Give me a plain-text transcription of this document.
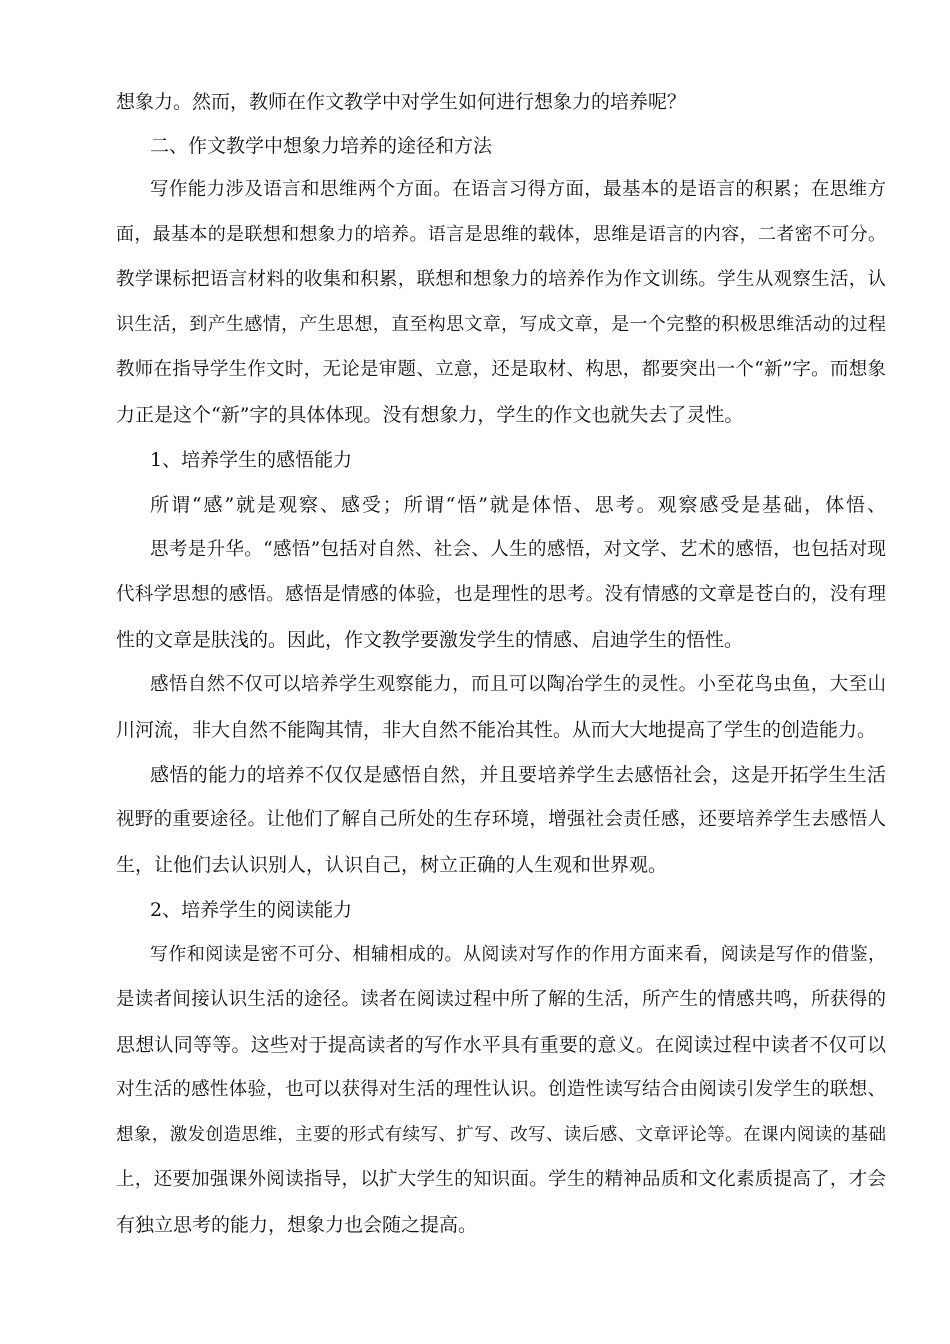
想象力。然而，教师在作文教学中对学生如何进行想象力的培养呢？
二、作文教学中想象力培养的途径和方法
写作能力涉及语言和思维两个方面。在语言习得方面，最基本的是语言的积累；在思维方
面，最基本的是联想和想象力的培养。语言是思维的载体，思维是语言的内容，二者密不可分。
教学课标把语言材料的收集和积累，联想和想象力的培养作为作文训练。学生从观察生活，认
识生活，到产生感情，产生思想，直至构思文章，写成文章，是一个完整的积极思维活动的过程
教师在指导学生作文时，无论是审题、立意，还是取材、构思，都要突出一个“新”字。而想象
力正是这个“新”字的具体体现。没有想象力，学生的作文也就失去了灵性。
1、培养学生的感悟能力
所谓“感”就是观察、感受；所谓“悟”就是体悟、思考。观察感受是基础，体悟、
思考是升华。“感悟”包括对自然、社会、人生的感悟，对文学、艺术的感悟，也包括对现
代科学思想的感悟。感悟是情感的体验，也是理性的思考。没有情感的文章是苍白的，没有理
性的文章是肤浅的。因此，作文教学要激发学生的情感、启迪学生的悟性。
感悟自然不仅可以培养学生观察能力，而且可以陶冶学生的灵性。小至花鸟虫鱼，大至山
川河流，非大自然不能陶其情，非大自然不能冶其性。从而大大地提高了学生的创造能力。
感悟的能力的培养不仅仅是感悟自然，并且要培养学生去感悟社会，这是开拓学生生活
视野的重要途径。让他们了解自己所处的生存环境，增强社会责任感，还要培养学生去感悟人
生，让他们去认识别人，认识自己，树立正确的人生观和世界观。
2、培养学生的阅读能力
写作和阅读是密不可分、相辅相成的。从阅读对写作的作用方面来看，阅读是写作的借鉴，
是读者间接认识生活的途径。读者在阅读过程中所了解的生活，所产生的情感共鸣，所获得的
思想认同等等。这些对于提高读者的写作水平具有重要的意义。在阅读过程中读者不仅可以
对生活的感性体验，也可以获得对生活的理性认识。创造性读写结合由阅读引发学生的联想、
想象，激发创造思维，主要的形式有续写、扩写、改写、读后感、文章评论等。在课内阅读的基础
上，还要加强课外阅读指导，以扩大学生的知识面。学生的精神品质和文化素质提高了，才会
有独立思考的能力，想象力也会随之提高。
